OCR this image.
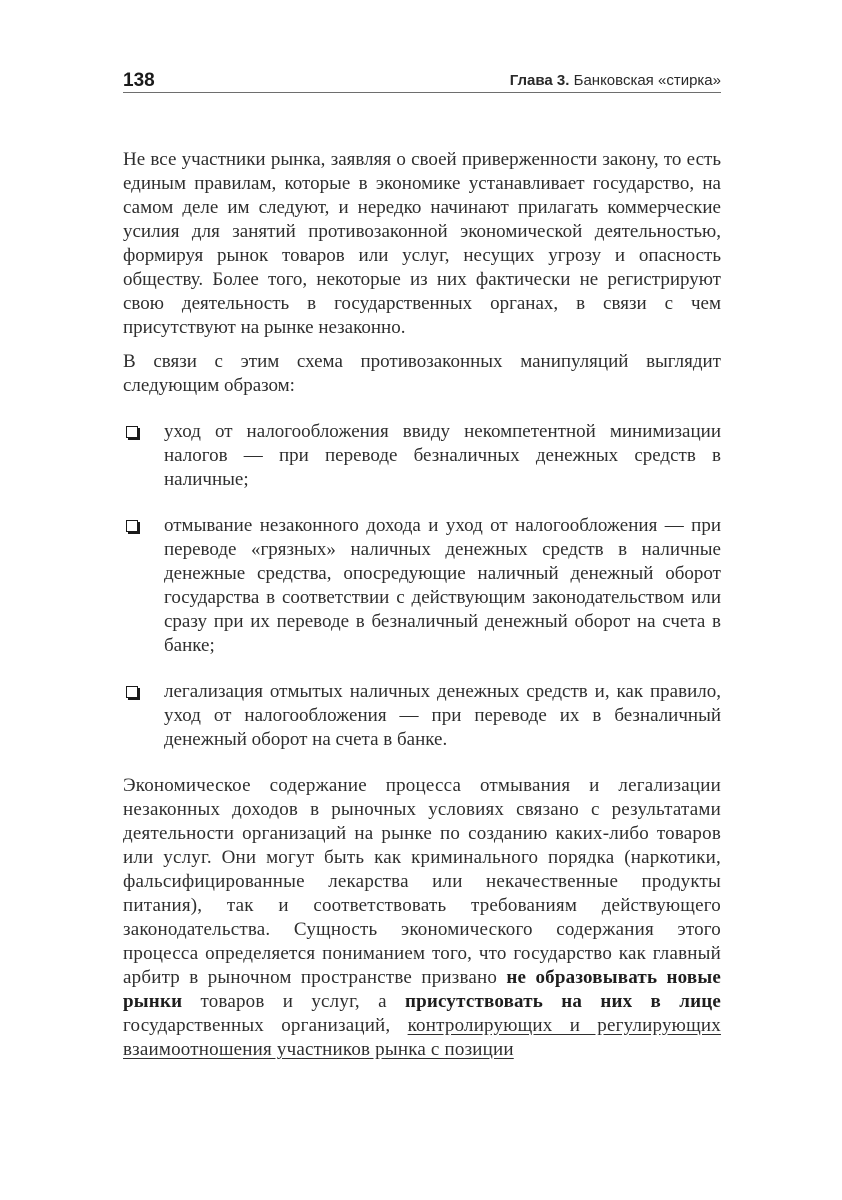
138	Глава 3. Банковская «стирка»

Не все участники рынка, заявляя о своей приверженности закону, то есть единым правилам, которые в экономике устанавливает государство, на самом деле им следуют, и нередко начинают прилагать коммерческие усилия для занятий противозаконной экономической деятельностью, формируя рынок товаров или услуг, несущих угрозу и опасность обществу. Более того, некоторые из них фактически не регистрируют свою деятельность в государственных органах, в связи с чем присутствуют на рынке незаконно.

В связи с этим схема противозаконных манипуляций выглядит следующим образом:

уход от налогообложения ввиду некомпетентной минимизации налогов — при переводе безналичных денежных средств в наличные;
отмывание незаконного дохода и уход от налогообложения — при переводе «грязных» наличных денежных средств в наличные денежные средства, опосредующие наличный денежный оборот государства в соответствии с действующим законодательством или сразу при их переводе в безналичный денежный оборот на счета в банке;
легализация отмытых наличных денежных средств и, как правило, уход от налогообложения — при переводе их в безналичный денежный оборот на счета в банке.

Экономическое содержание процесса отмывания и легализации незаконных доходов в рыночных условиях связано с результатами деятельности организаций на рынке по созданию каких-либо товаров или услуг. Они могут быть как криминального порядка (наркотики, фальсифицированные лекарства или некачественные продукты питания), так и соответствовать требованиям действующего законодательства. Сущность экономического содержания этого процесса определяется пониманием того, что государство как главный арбитр в рыночном пространстве призвано не образовывать новые рынки товаров и услуг, а присутствовать на них в лице государственных организаций, контролирующих и регулирующих взаимоотношения участников рынка с позиции
